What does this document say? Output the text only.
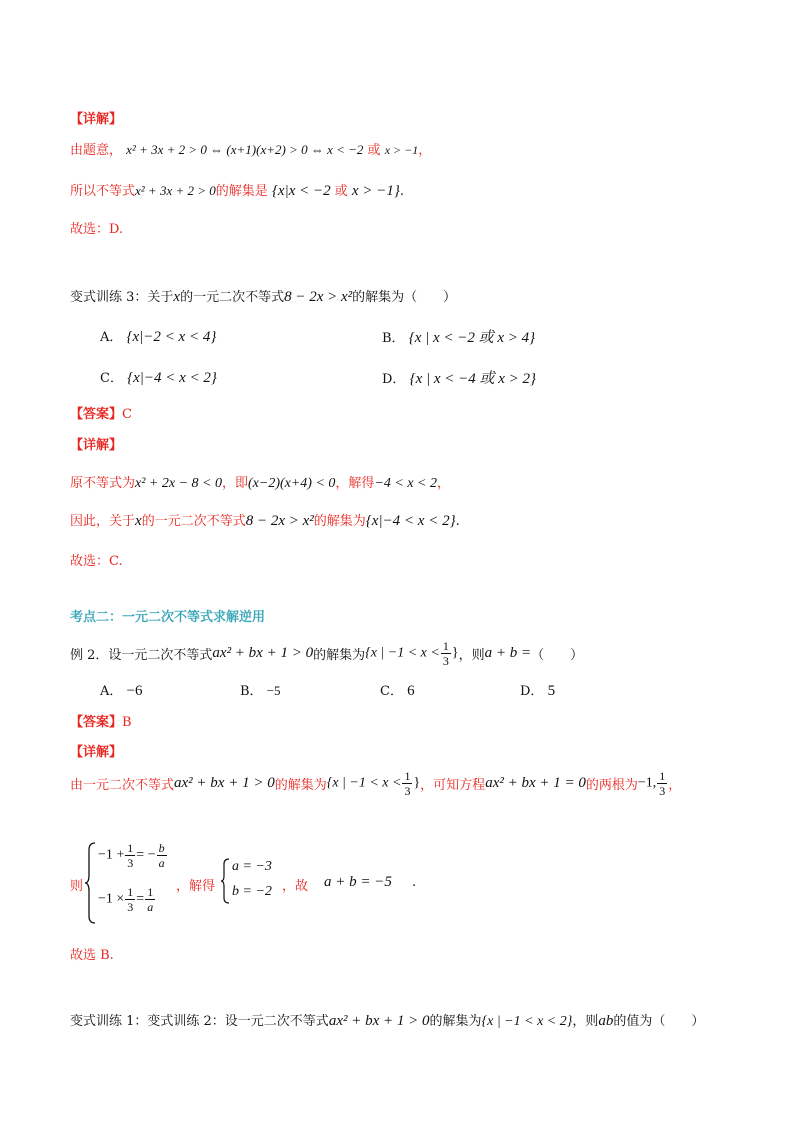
【详解】
由题意， x² + 3x + 2 > 0 ⇔ (x+1)(x+2) > 0 ⇔ x < −2 或 x > −1，
所以不等式x² + 3x + 2 > 0的解集是 {x|x < −2 或 x > −1}.
故选：D.
变式训练 3：关于x的一元二次不等式8 − 2x > x²的解集为（　　）
A． {x|−2 < x < 4}	B． {x | x < −2 或 x > 4}
C． {x|−4 < x < 2}	D． {x | x < −4 或 x > 2}
【答案】C
【详解】
原不等式为x² + 2x − 8 < 0，即(x−2)(x+4) < 0，解得−4 < x < 2，
因此，关于x的一元二次不等式8 − 2x > x²的解集为{x|−4 < x < 2}.
故选：C.
考点二：一元二次不等式求解逆用
例 2．设一元二次不等式ax² + bx + 1 > 0的解集为{x | $-1 < x < \frac{1}{3}$ }，则a + b =（　　）
A． −6	B． −5	C． 6	D． 5
【答案】B
【详解】
由一元二次不等式ax² + bx + 1 > 0的解集为{x | $-1 < x < \frac{1}{3}$ }，可知方程ax² + bx + 1 = 0的两根为−1, $\frac{1}{3}$ ，
则
$-1 + \frac{1}{3}$ = − $\frac{b}{a}$
$-1 \times \frac{1}{3} = \frac{1}{a}$ ，解得
a = −3
b = −2 ，故 a + b = −5 .
故选 B.
变式训练 1：变式训练 2：设一元二次不等式ax² + bx + 1 > 0的解集为{x | −1 < x < 2}，则ab的值为（　　）
